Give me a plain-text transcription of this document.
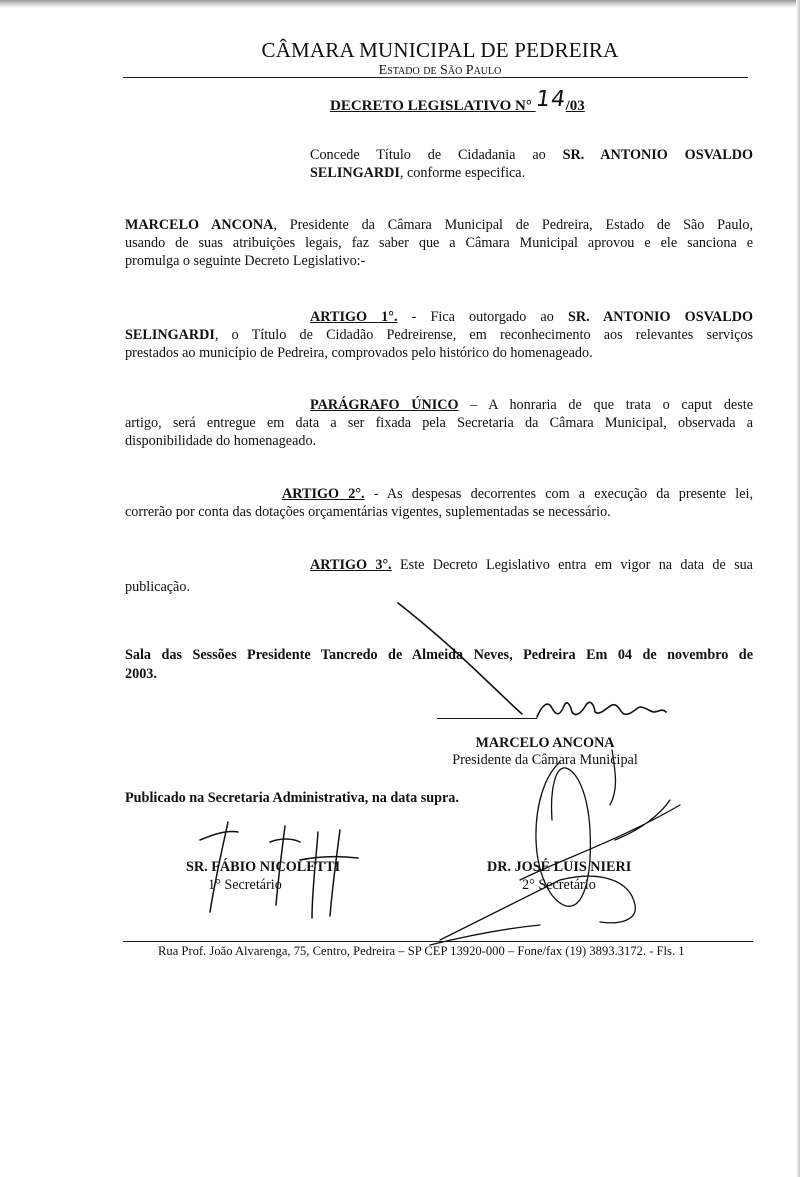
CÂMARA MUNICIPAL DE PEDREIRA
Estado de São Paulo
DECRETO LEGISLATIVO N° 14/03
Concede Título de Cidadania ao SR. ANTONIO OSVALDO
SELINGARDI, conforme especifica.
MARCELO ANCONA, Presidente da Câmara Municipal de Pedreira, Estado de São Paulo,
usando de suas atribuições legais, faz saber que a Câmara Municipal aprovou e ele sanciona e
promulga o seguinte Decreto Legislativo:-
ARTIGO 1°. - Fica outorgado ao SR. ANTONIO OSVALDO
SELINGARDI, o Título de Cidadão Pedreirense, em reconhecimento aos relevantes serviços
prestados ao município de Pedreira, comprovados pelo histórico do homenageado.
PARÁGRAFO ÚNICO – A honraria de que trata o caput deste
artigo, será entregue em data a ser fixada pela Secretaria da Câmara Municipal, observada a
disponibilidade do homenageado.
ARTIGO 2°. - As despesas decorrentes com a execução da presente lei,
correrão por conta das dotações orçamentárias vigentes, suplementadas se necessário.
ARTIGO 3°. Este Decreto Legislativo entra em vigor na data de sua
publicação.
Sala das Sessões Presidente Tancredo de Almeida Neves, Pedreira Em 04 de novembro de
2003.
MARCELO ANCONA
Presidente da Câmara Municipal
Publicado na Secretaria Administrativa, na data supra.
SR. FÁBIO NICOLETTI
1° Secretário
DR. JOSÉ LUIS NIERI
2° Secretário
Rua Prof. João Alvarenga, 75, Centro, Pedreira – SP CEP 13920-000 – Fone/fax (19) 3893.3172. - Fls. 1
